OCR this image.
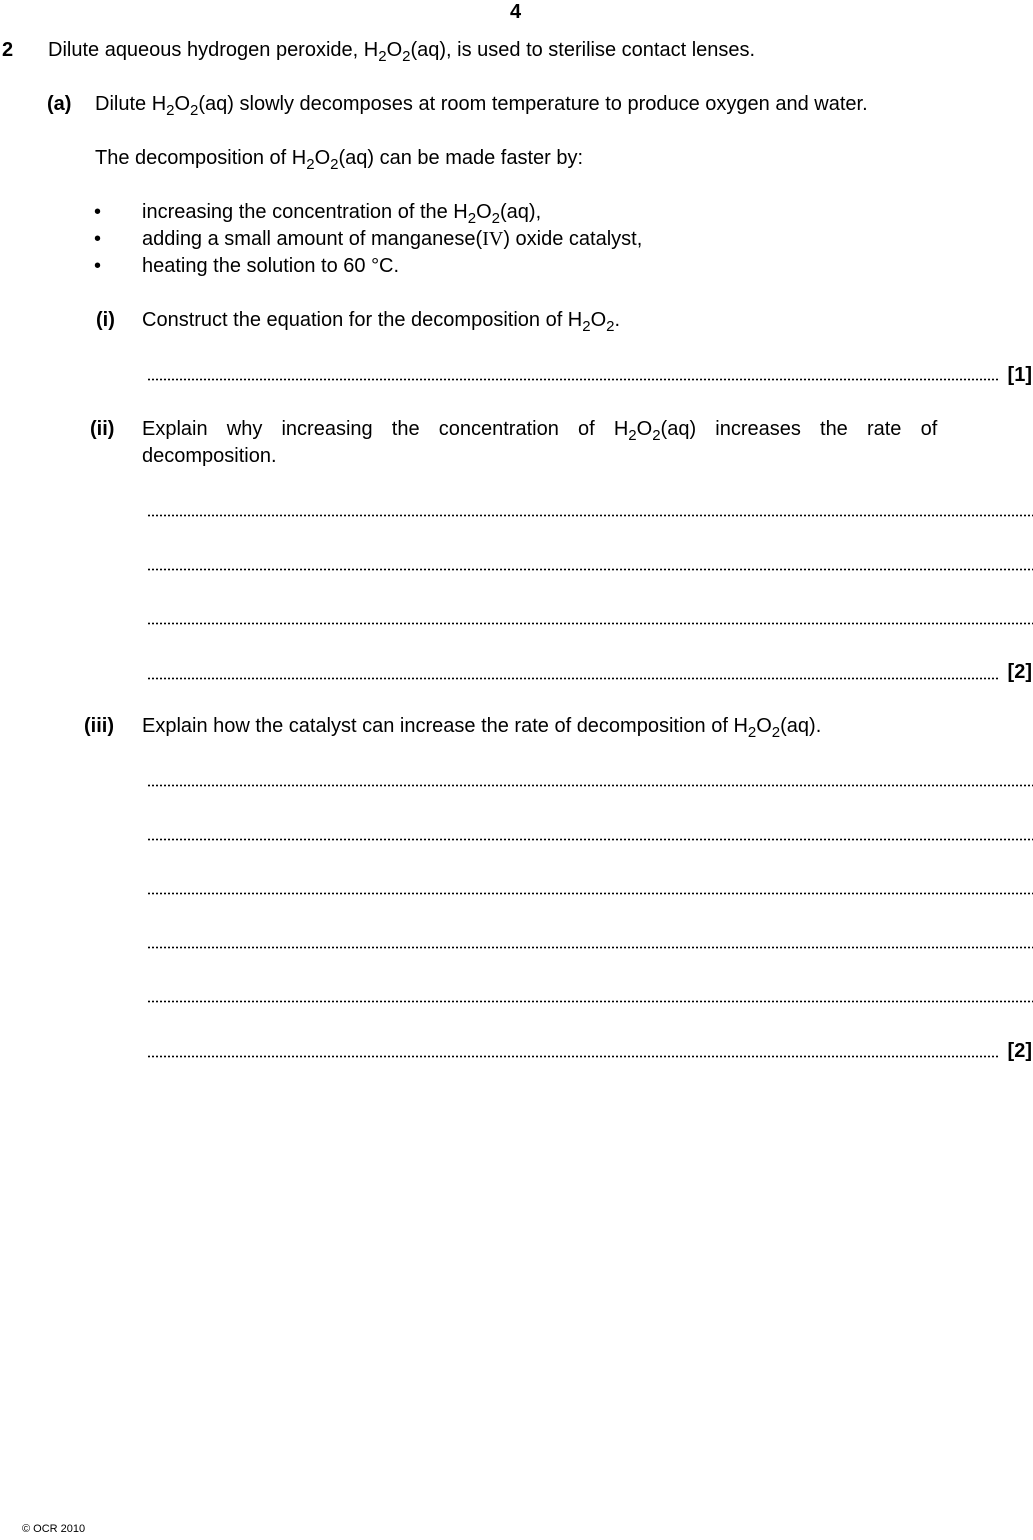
4
2 Dilute aqueous hydrogen peroxide, $H_2O_2(aq)$, is used to sterilise contact lenses.
(a) Dilute $H_2O_2(aq)$ slowly decomposes at room temperature to produce oxygen and water.
The decomposition of $H_2O_2(aq)$ can be made faster by:
• increasing the concentration of the $H_2O_2(aq)$,
• adding a small amount of manganese(IV) oxide catalyst,
• heating the solution to 60 °C.
(i) Construct the equation for the decomposition of $H_2O_2$.
[1]
(ii) Explain why increasing the concentration of $H_2O_2(aq)$ increases the rate of
decomposition.
[2]
(iii) Explain how the catalyst can increase the rate of decomposition of $H_2O_2(aq)$.
[2]
© OCR 2010
